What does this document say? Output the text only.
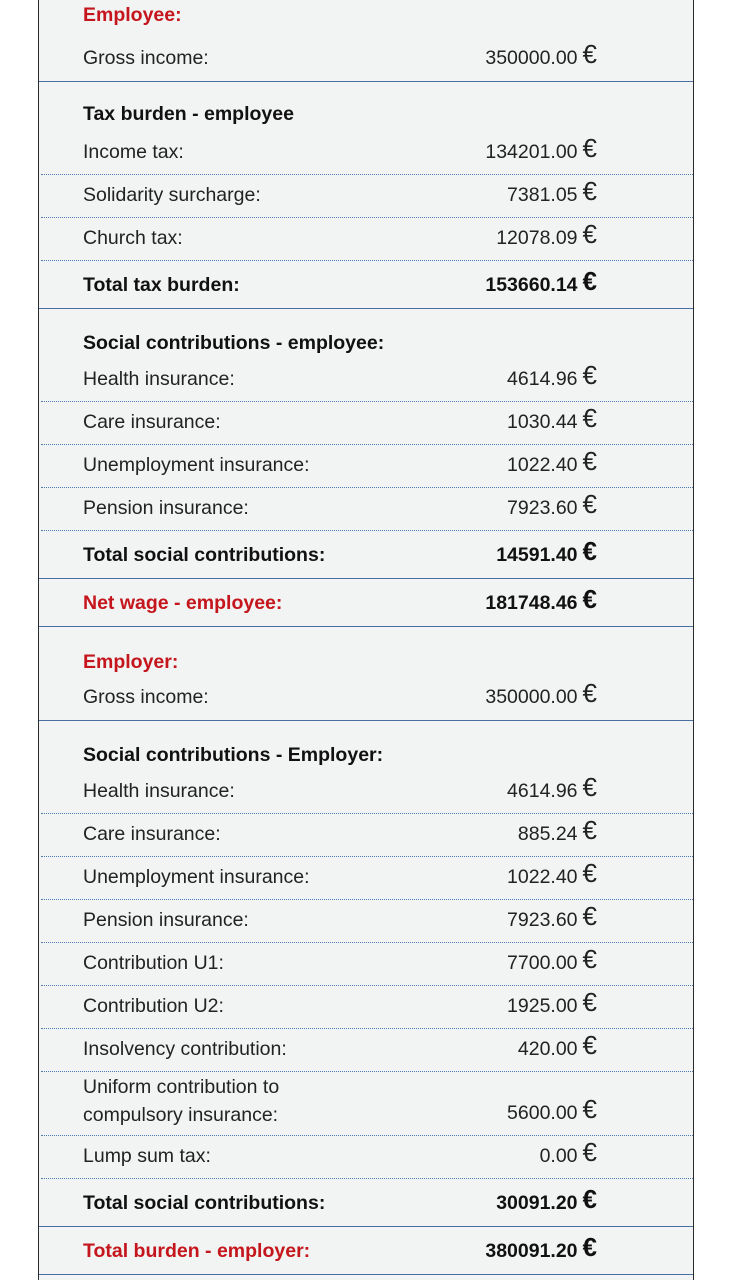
Employee:
Gross income:	350000.00 €
Tax burden - employee
Income tax:	134201.00 €
Solidarity surcharge:	7381.05 €
Church tax:	12078.09 €
Total tax burden:	153660.14 €
Social contributions - employee:
Health insurance:	4614.96 €
Care insurance:	1030.44 €
Unemployment insurance:	1022.40 €
Pension insurance:	7923.60 €
Total social contributions:	14591.40 €
Net wage - employee:	181748.46 €
Employer:
Gross income:	350000.00 €
Social contributions - Employer:
Health insurance:	4614.96 €
Care insurance:	885.24 €
Unemployment insurance:	1022.40 €
Pension insurance:	7923.60 €
Contribution U1:	7700.00 €
Contribution U2:	1925.00 €
Insolvency contribution:	420.00 €
Uniform contribution to
compulsory insurance:	5600.00 €
Lump sum tax:	0.00 €
Total social contributions:	30091.20 €
Total burden - employer:	380091.20 €
